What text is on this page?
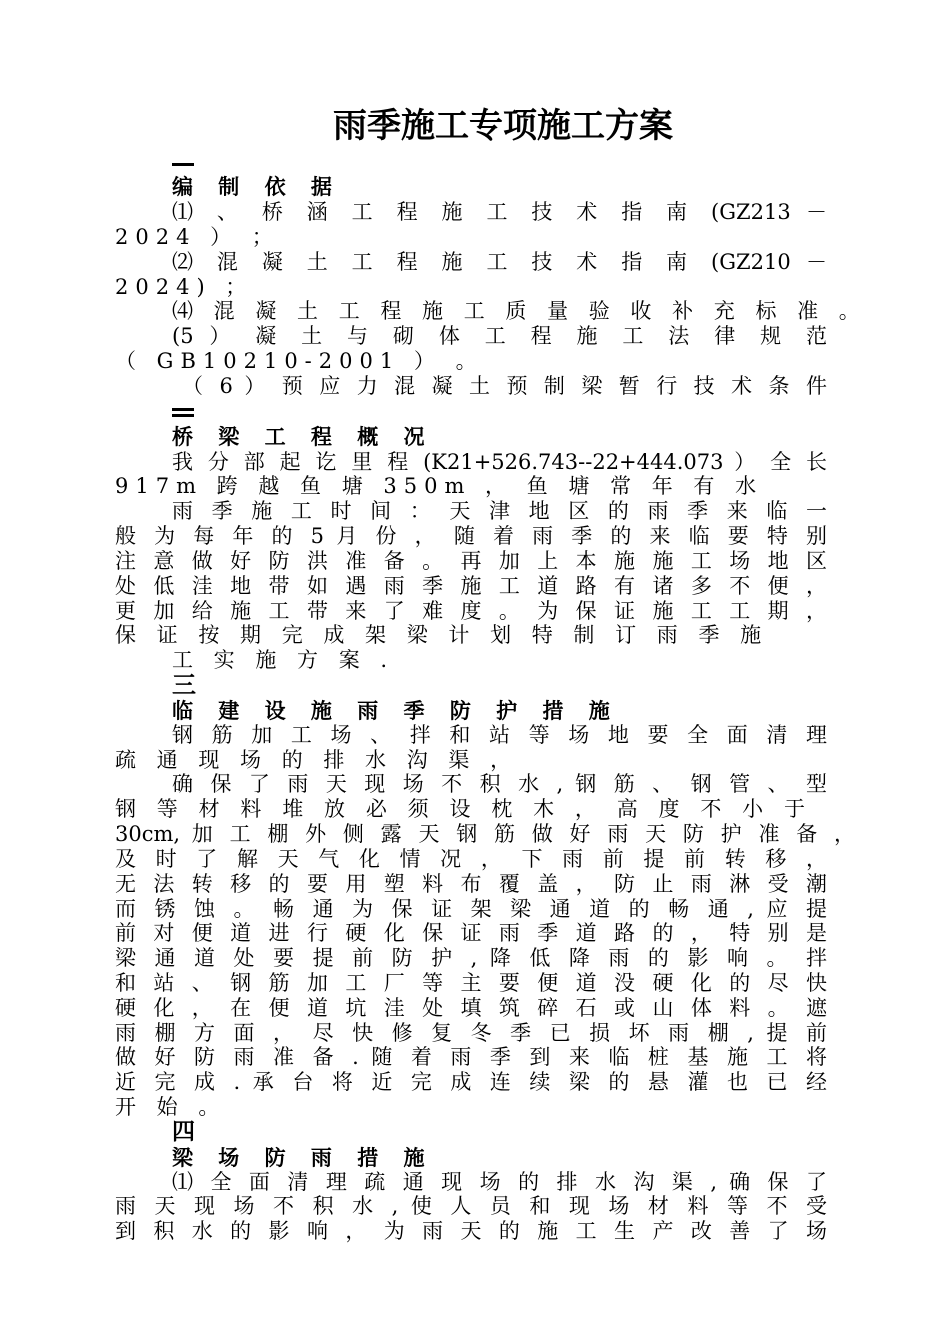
雨季施工专项施工方案
编 制 依 据
⑴ 、 桥 涵 工 程 施 工 技 术 指 南 (GZ213 －
2024 ） ；
⑵ 混 凝 土 工 程 施 工 技 术 指 南 (GZ210 －
2024) ；
⑷ 混 凝 土 工 程 施 工 质 量 验 收 补 充 标 准 。
(5 ） 凝 土 与 砌 体 工 程 施 工 法 律 规 范
（ GB10210-2001 ） 。
（ 6 ） 预 应 力 混 凝 土 预 制 梁 暂 行 技 术 条 件
桥 梁 工 程 概 况
我 分 部 起 讫 里 程 (K21+526.743--22+444.073 ） 全 长
917m 跨 越 鱼 塘 350m ， 鱼 塘 常 年 有 水
雨 季 施 工 时 间 ： 天 津 地 区 的 雨 季 来 临 一
般 为 每 年 的 5 月 份 ， 随 着 雨 季 的 来 临 要 特 别
注 意 做 好 防 洪 准 备 。 再 加 上 本 施 施 工 场 地 区
处 低 洼 地 带 如 遇 雨 季 施 工 道 路 有 诸 多 不 便 ，
更 加 给 施 工 带 来 了 难 度 。 为 保 证 施 工 工 期 ，
保 证 按 期 完 成 架 梁 计 划 特 制 订 雨 季 施
工 实 施 方 案 .
三
临 建 设 施 雨 季 防 护 措 施
钢 筋 加 工 场 、 拌 和 站 等 场 地 要 全 面 清 理
疏 通 现 场 的 排 水 沟 渠 ，
确 保 了 雨 天 现 场 不 积 水 , 钢 筋 、 钢 管 、 型
钢 等 材 料 堆 放 必 须 设 枕 木 ， 高 度 不 小 于
30cm, 加 工 棚 外 侧 露 天 钢 筋 做 好 雨 天 防 护 准 备 ，
及 时 了 解 天 气 化 情 况 ， 下 雨 前 提 前 转 移 ，
无 法 转 移 的 要 用 塑 料 布 覆 盖 ， 防 止 雨 淋 受 潮
而 锈 蚀 。 畅 通 为 保 证 架 梁 通 道 的 畅 通 , 应 提
前 对 便 道 进 行 硬 化 保 证 雨 季 道 路 的 ， 特 别 是
梁 通 道 处 要 提 前 防 护 , 降 低 降 雨 的 影 响 。 拌
和 站 、 钢 筋 加 工 厂 等 主 要 便 道 没 硬 化 的 尽 快
硬 化 ， 在 便 道 坑 洼 处 填 筑 碎 石 或 山 体 料 。 遮
雨 棚 方 面 ， 尽 快 修 复 冬 季 已 损 坏 雨 棚 , 提 前
做 好 防 雨 准 备 . 随 着 雨 季 到 来 临 桩 基 施 工 将
近 完 成 . 承 台 将 近 完 成 连 续 梁 的 悬 灌 也 已 经
开 始 。
四
梁 场 防 雨 措 施
⑴ 全 面 清 理 疏 通 现 场 的 排 水 沟 渠 , 确 保 了
雨 天 现 场 不 积 水 , 使 人 员 和 现 场 材 料 等 不 受
到 积 水 的 影 响 ， 为 雨 天 的 施 工 生 产 改 善 了 场
